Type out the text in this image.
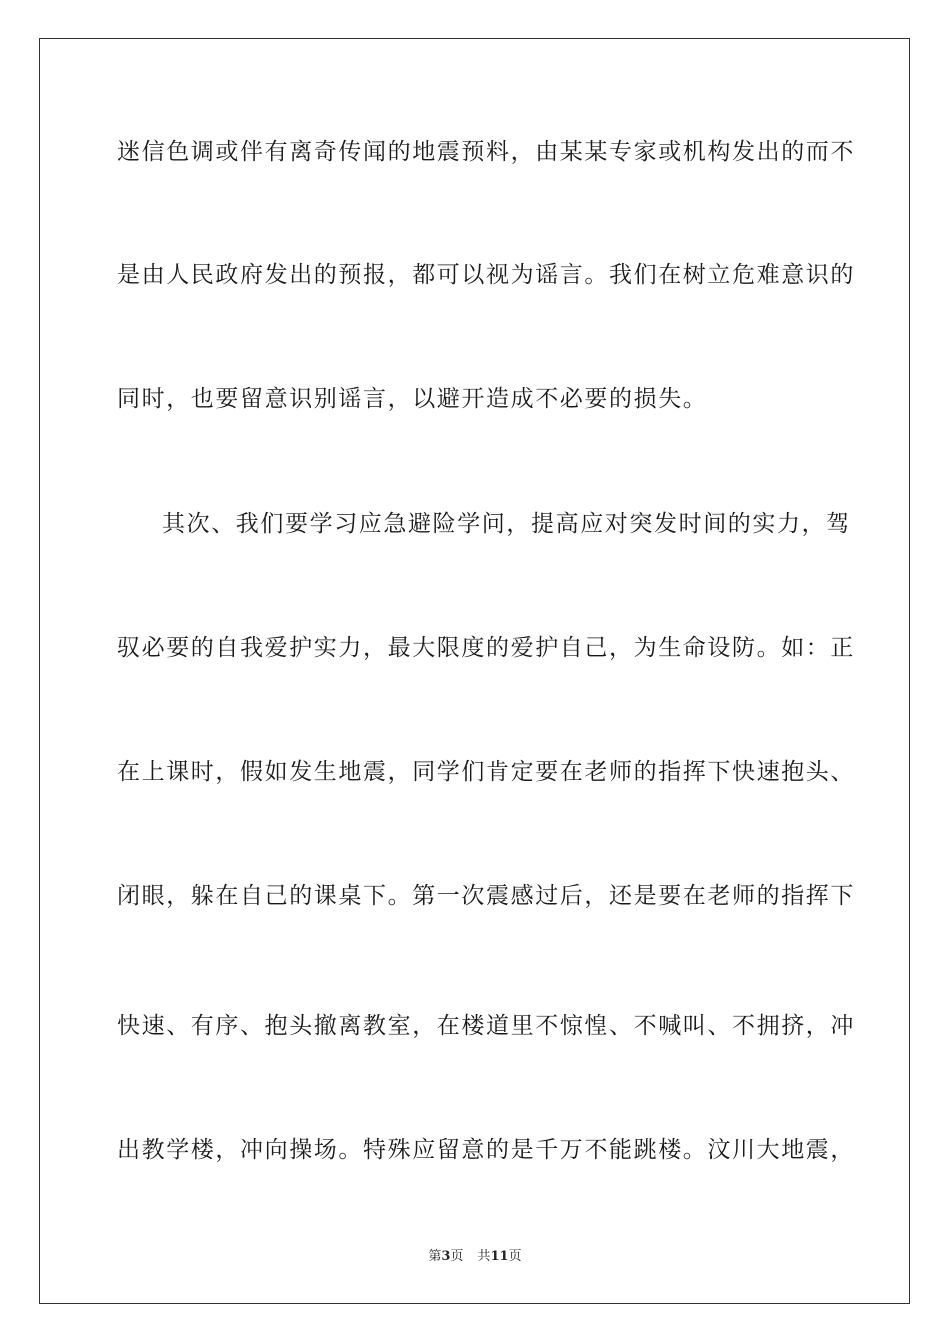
迷信色调或伴有离奇传闻的地震预料，由某某专家或机构发出的而不
是由人民政府发出的预报，都可以视为谣言。我们在树立危难意识的
同时，也要留意识别谣言，以避开造成不必要的损失。
其次、我们要学习应急避险学问，提高应对突发时间的实力，驾
驭必要的自我爱护实力，最大限度的爱护自己，为生命设防。如：正
在上课时，假如发生地震，同学们肯定要在老师的指挥下快速抱头、
闭眼，躲在自己的课桌下。第一次震感过后，还是要在老师的指挥下
快速、有序、抱头撤离教室，在楼道里不惊惶、不喊叫、不拥挤，冲
出教学楼，冲向操场。特殊应留意的是千万不能跳楼。汶川大地震，
第3页 共11页
